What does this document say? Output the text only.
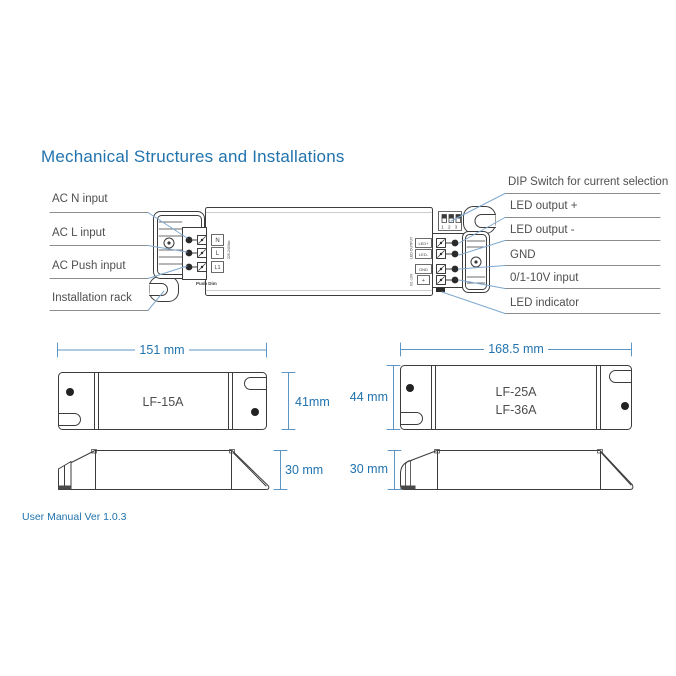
N
L
L1
220-240Vac
Push Dim
1 2 3
LED+
LED-
GND
+
LED OUTPUT
0/1-10V
Mechanical Structures and Installations
AC N input
AC L input
AC Push input
Installation rack
DIP Switch for current selection
LED output +
LED output -
GND
0/1-10V input
LED indicator
151 mm
41mm
30 mm
LF-15A
168.5 mm
44 mm
30 mm
LF-25A
LF-36A
User Manual Ver 1.0.3
